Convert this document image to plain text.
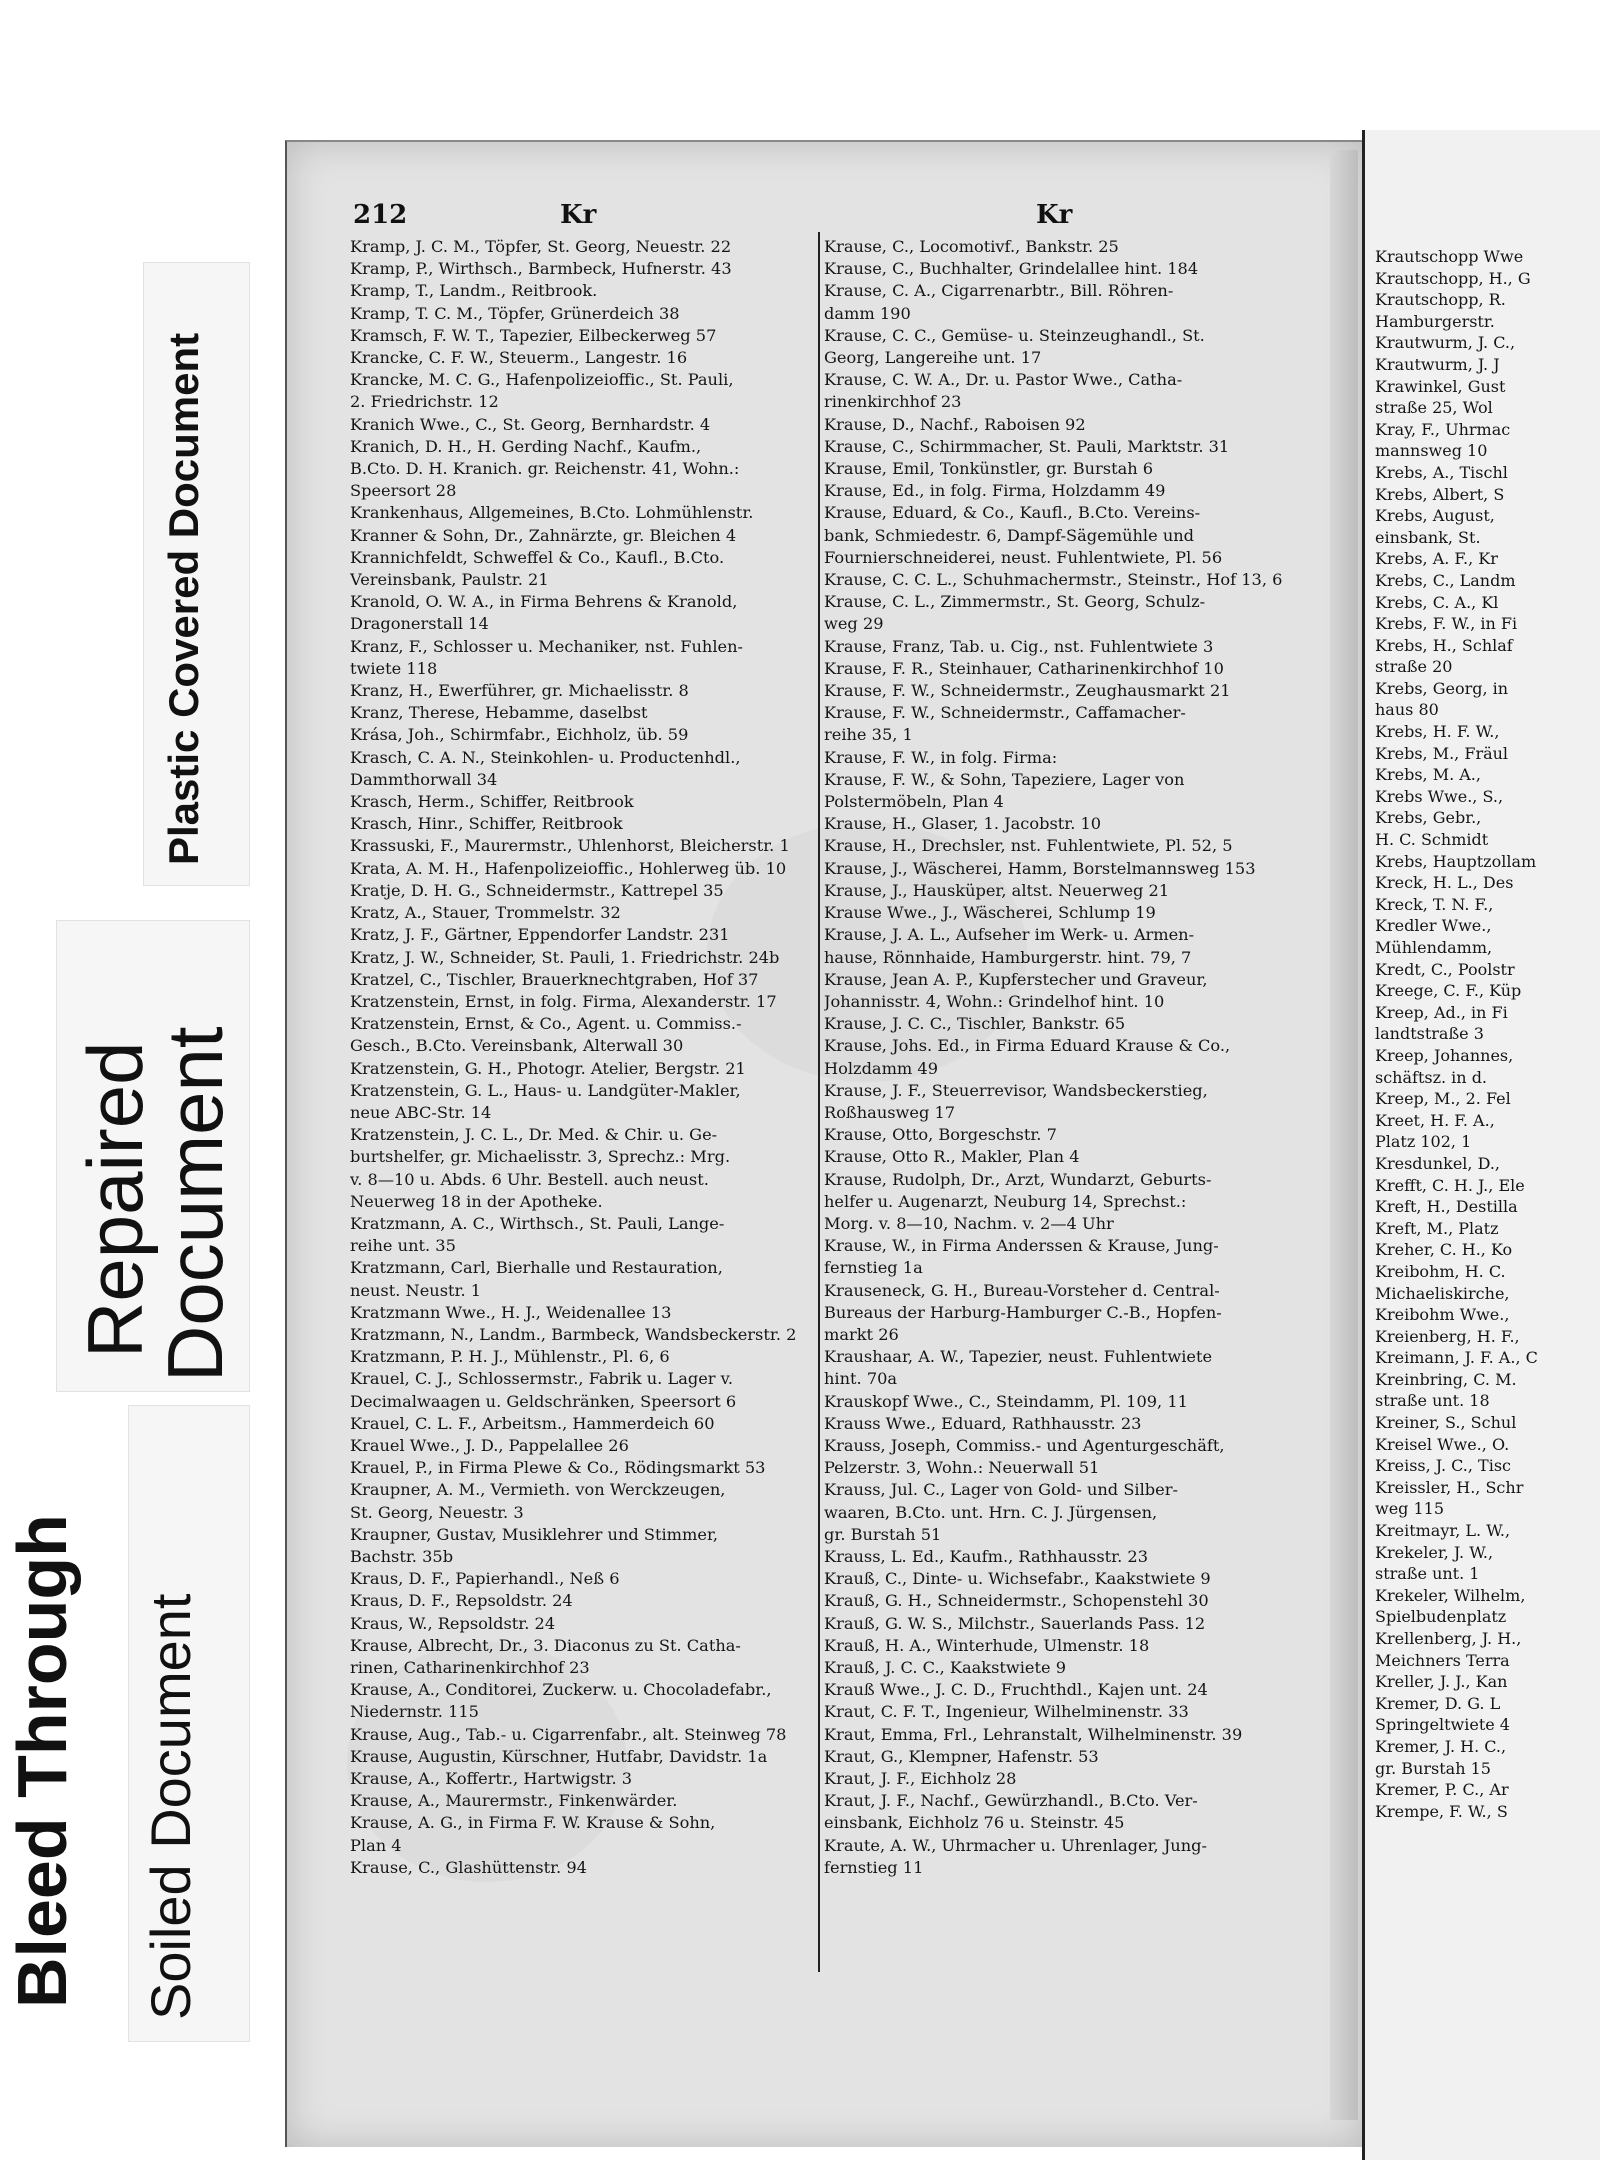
Plastic Covered Document
Repaired
Document
Bleed Through Soiled Document
212	Kr	Kr
Kramp, J. C. M., Töpfer, St. Georg, Neuestr. 22
Kramp, P., Wirthsch., Barmbeck, Hufnerstr. 43
Kramp, T., Landm., Reitbrook.
Kramp, T. C. M., Töpfer, Grünerdeich 38
Kramsch, F. W. T., Tapezier, Eilbeckerweg 57
Krancke, C. F. W., Steuerm., Langestr. 16
Krancke, M. C. G., Hafenpolizeioffic., St. Pauli,
2. Friedrichstr. 12
Kranich Wwe., C., St. Georg, Bernhardstr. 4
Kranich, D. H., H. Gerding Nachf., Kaufm.,
B.Cto. D. H. Kranich. gr. Reichenstr. 41, Wohn.:
Speersort 28
Krankenhaus, Allgemeines, B.Cto. Lohmühlenstr.
Kranner & Sohn, Dr., Zahnärzte, gr. Bleichen 4
Krannichfeldt, Schweffel & Co., Kaufl., B.Cto.
Vereinsbank, Paulstr. 21
Kranold, O. W. A., in Firma Behrens & Kranold,
Dragonerstall 14
Kranz, F., Schlosser u. Mechaniker, nst. Fuhlen-
twiete 118
Kranz, H., Ewerführer, gr. Michaelisstr. 8
Kranz, Therese, Hebamme, daselbst
Krása, Joh., Schirmfabr., Eichholz, üb. 59
Krasch, C. A. N., Steinkohlen- u. Productenhdl.,
Dammthorwall 34
Krasch, Herm., Schiffer, Reitbrook
Krasch, Hinr., Schiffer, Reitbrook
Krassuski, F., Maurermstr., Uhlenhorst, Bleicherstr. 1
Krata, A. M. H., Hafenpolizeioffic., Hohlerweg üb. 10
Kratje, D. H. G., Schneidermstr., Kattrepel 35
Kratz, A., Stauer, Trommelstr. 32
Kratz, J. F., Gärtner, Eppendorfer Landstr. 231
Kratz, J. W., Schneider, St. Pauli, 1. Friedrichstr. 24b
Kratzel, C., Tischler, Brauerknechtgraben, Hof 37
Kratzenstein, Ernst, in folg. Firma, Alexanderstr. 17
Kratzenstein, Ernst, & Co., Agent. u. Commiss.-
Gesch., B.Cto. Vereinsbank, Alterwall 30
Kratzenstein, G. H., Photogr. Atelier, Bergstr. 21
Kratzenstein, G. L., Haus- u. Landgüter-Makler,
neue ABC-Str. 14
Kratzenstein, J. C. L., Dr. Med. & Chir. u. Ge-
burtshelfer, gr. Michaelisstr. 3, Sprechz.: Mrg.
v. 8—10 u. Abds. 6 Uhr. Bestell. auch neust.
Neuerweg 18 in der Apotheke.
Kratzmann, A. C., Wirthsch., St. Pauli, Lange-
reihe unt. 35
Kratzmann, Carl, Bierhalle und Restauration,
neust. Neustr. 1
Kratzmann Wwe., H. J., Weidenallee 13
Kratzmann, N., Landm., Barmbeck, Wandsbeckerstr. 2
Kratzmann, P. H. J., Mühlenstr., Pl. 6, 6
Krauel, C. J., Schlossermstr., Fabrik u. Lager v.
Decimalwaagen u. Geldschränken, Speersort 6
Krauel, C. L. F., Arbeitsm., Hammerdeich 60
Krauel Wwe., J. D., Pappelallee 26
Krauel, P., in Firma Plewe & Co., Rödingsmarkt 53
Kraupner, A. M., Vermieth. von Werckzeugen,
St. Georg, Neuestr. 3
Kraupner, Gustav, Musiklehrer und Stimmer,
Bachstr. 35b
Kraus, D. F., Papierhandl., Neß 6
Kraus, D. F., Repsoldstr. 24
Kraus, W., Repsoldstr. 24
Krause, Albrecht, Dr., 3. Diaconus zu St. Catha-
rinen, Catharinenkirchhof 23
Krause, A., Conditorei, Zuckerw. u. Chocoladefabr.,
Niedernstr. 115
Krause, Aug., Tab.- u. Cigarrenfabr., alt. Steinweg 78
Krause, Augustin, Kürschner, Hutfabr, Davidstr. 1a
Krause, A., Koffertr., Hartwigstr. 3
Krause, A., Maurermstr., Finkenwärder.
Krause, A. G., in Firma F. W. Krause & Sohn,
Plan 4
Krause, C., Glashüttenstr. 94
Krause, C., Locomotivf., Bankstr. 25
Krause, C., Buchhalter, Grindelallee hint. 184
Krause, C. A., Cigarrenarbtr., Bill. Röhren-
damm 190
Krause, C. C., Gemüse- u. Steinzeughandl., St.
Georg, Langereihe unt. 17
Krause, C. W. A., Dr. u. Pastor Wwe., Catha-
rinenkirchhof 23
Krause, D., Nachf., Raboisen 92
Krause, C., Schirmmacher, St. Pauli, Marktstr. 31
Krause, Emil, Tonkünstler, gr. Burstah 6
Krause, Ed., in folg. Firma, Holzdamm 49
Krause, Eduard, & Co., Kaufl., B.Cto. Vereins-
bank, Schmiedestr. 6, Dampf-Sägemühle und
Fournierschneiderei, neust. Fuhlentwiete, Pl. 56
Krause, C. C. L., Schuhmachermstr., Steinstr., Hof 13, 6
Krause, C. L., Zimmermstr., St. Georg, Schulz-
weg 29
Krause, Franz, Tab. u. Cig., nst. Fuhlentwiete 3
Krause, F. R., Steinhauer, Catharinenkirchhof 10
Krause, F. W., Schneidermstr., Zeughausmarkt 21
Krause, F. W., Schneidermstr., Caffamacher-
reihe 35, 1
Krause, F. W., in folg. Firma:
Krause, F. W., & Sohn, Tapeziere, Lager von
Polstermöbeln, Plan 4
Krause, H., Glaser, 1. Jacobstr. 10
Krause, H., Drechsler, nst. Fuhlentwiete, Pl. 52, 5
Krause, J., Wäscherei, Hamm, Borstelmannsweg 153
Krause, J., Hausküper, altst. Neuerweg 21
Krause Wwe., J., Wäscherei, Schlump 19
Krause, J. A. L., Aufseher im Werk- u. Armen-
hause, Rönnhaide, Hamburgerstr. hint. 79, 7
Krause, Jean A. P., Kupferstecher und Graveur,
Johannisstr. 4, Wohn.: Grindelhof hint. 10
Krause, J. C. C., Tischler, Bankstr. 65
Krause, Johs. Ed., in Firma Eduard Krause & Co.,
Holzdamm 49
Krause, J. F., Steuerrevisor, Wandsbeckerstieg,
Roßhausweg 17
Krause, Otto, Borgeschstr. 7
Krause, Otto R., Makler, Plan 4
Krause, Rudolph, Dr., Arzt, Wundarzt, Geburts-
helfer u. Augenarzt, Neuburg 14, Sprechst.:
Morg. v. 8—10, Nachm. v. 2—4 Uhr
Krause, W., in Firma Anderssen & Krause, Jung-
fernstieg 1a
Krauseneck, G. H., Bureau-Vorsteher d. Central-
Bureaus der Harburg-Hamburger C.-B., Hopfen-
markt 26
Kraushaar, A. W., Tapezier, neust. Fuhlentwiete
hint. 70a
Krauskopf Wwe., C., Steindamm, Pl. 109, 11
Krauss Wwe., Eduard, Rathhausstr. 23
Krauss, Joseph, Commiss.- und Agenturgeschäft,
Pelzerstr. 3, Wohn.: Neuerwall 51
Krauss, Jul. C., Lager von Gold- und Silber-
waaren, B.Cto. unt. Hrn. C. J. Jürgensen,
gr. Burstah 51
Krauss, L. Ed., Kaufm., Rathhausstr. 23
Krauß, C., Dinte- u. Wichsefabr., Kaakstwiete 9
Krauß, G. H., Schneidermstr., Schopenstehl 30
Krauß, G. W. S., Milchstr., Sauerlands Pass. 12
Krauß, H. A., Winterhude, Ulmenstr. 18
Krauß, J. C. C., Kaakstwiete 9
Krauß Wwe., J. C. D., Fruchthdl., Kajen unt. 24
Kraut, C. F. T., Ingenieur, Wilhelminenstr. 33
Kraut, Emma, Frl., Lehranstalt, Wilhelminenstr. 39
Kraut, G., Klempner, Hafenstr. 53
Kraut, J. F., Eichholz 28
Kraut, J. F., Nachf., Gewürzhandl., B.Cto. Ver-
einsbank, Eichholz 76 u. Steinstr. 45
Kraute, A. W., Uhrmacher u. Uhrenlager, Jung-
fernstieg 11
Krautschopp Wwe
Krautschopp, H., G
Krautschopp, R.
Hamburgerstr.
Krautwurm, J. C.,
Krautwurm, J. J
Krawinkel, Gust
straße 25, Wol
Kray, F., Uhrmac
mannsweg 10
Krebs, A., Tischl
Krebs, Albert, S
Krebs, August,
einsbank, St.
Krebs, A. F., Kr
Krebs, C., Landm
Krebs, C. A., Kl
Krebs, F. W., in Fi
Krebs, H., Schlaf
straße 20
Krebs, Georg, in
haus 80
Krebs, H. F. W.,
Krebs, M., Fräul
Krebs, M. A.,
Krebs Wwe., S.,
Krebs, Gebr.,
H. C. Schmidt
Krebs, Hauptzollam
Kreck, H. L., Des
Kreck, T. N. F.,
Kredler Wwe.,
Mühlendamm,
Kredt, C., Poolstr
Kreege, C. F., Küp
Kreep, Ad., in Fi
landtstraße 3
Kreep, Johannes,
schäftsz. in d.
Kreep, M., 2. Fel
Kreet, H. F. A.,
Platz 102, 1
Kresdunkel, D.,
Krefft, C. H. J., Ele
Kreft, H., Destilla
Kreft, M., Platz
Kreher, C. H., Ko
Kreibohm, H. C.
Michaeliskirche,
Kreibohm Wwe.,
Kreienberg, H. F.,
Kreimann, J. F. A., C
Kreinbring, C. M.
straße unt. 18
Kreiner, S., Schul
Kreisel Wwe., O.
Kreiss, J. C., Tisc
Kreissler, H., Schr
weg 115
Kreitmayr, L. W.,
Krekeler, J. W.,
straße unt. 1
Krekeler, Wilhelm,
Spielbudenplatz
Krellenberg, J. H.,
Meichners Terra
Kreller, J. J., Kan
Kremer, D. G. L
Springeltwiete 4
Kremer, J. H. C.,
gr. Burstah 15
Kremer, P. C., Ar
Krempe, F. W., S
